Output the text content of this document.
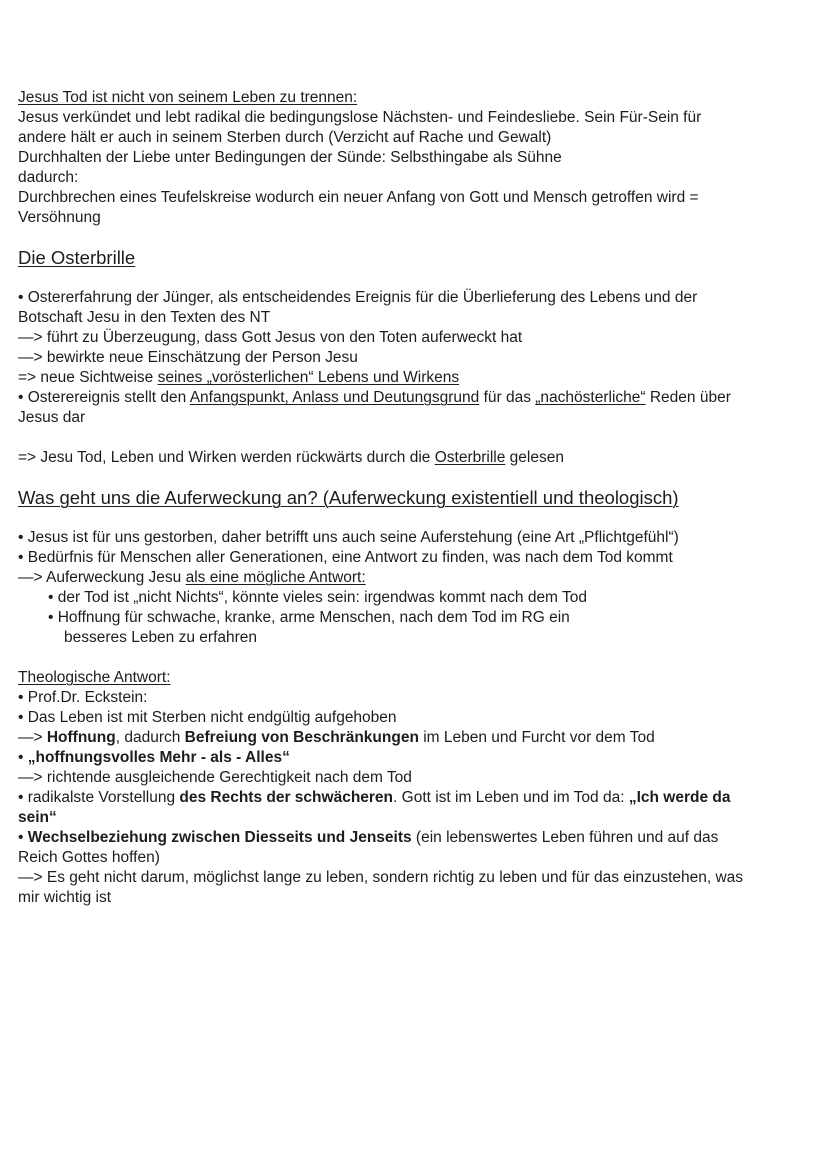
Jesus Tod ist nicht von seinem Leben zu trennen:
Jesus verkündet und lebt radikal die bedingungslose Nächsten- und Feindesliebe. Sein Für-Sein für
andere hält er auch in seinem Sterben durch (Verzicht auf Rache und Gewalt)
Durchhalten der Liebe unter Bedingungen der Sünde: Selbsthingabe als Sühne
dadurch:
Durchbrechen eines Teufelskreise wodurch ein neuer Anfang von Gott und Mensch getroffen wird =
Versöhnung
Die Osterbrille
• Ostererfahrung der Jünger, als entscheidendes Ereignis für die Überlieferung des Lebens und der
Botschaft Jesu in den Texten des NT
—> führt zu Überzeugung, dass Gott Jesus von den Toten auferweckt hat
—> bewirkte neue Einschätzung der Person Jesu
=> neue Sichtweise seines „vorösterlichen“ Lebens und Wirkens
• Osterereignis stellt den Anfangspunkt, Anlass und Deutungsgrund für das „nachösterliche“ Reden über
Jesus dar
=> Jesu Tod, Leben und Wirken werden rückwärts durch die Osterbrille gelesen
Was geht uns die Auferweckung an? (Auferweckung existentiell und theologisch)
• Jesus ist für uns gestorben, daher betrifft uns auch seine Auferstehung (eine Art „Pflichtgefühl“)
• Bedürfnis für Menschen aller Generationen, eine Antwort zu finden, was nach dem Tod kommt
—> Auferweckung Jesu als eine mögliche Antwort:
• der Tod ist „nicht Nichts“, könnte vieles sein: irgendwas kommt nach dem Tod
• Hoffnung für schwache, kranke, arme Menschen, nach dem Tod im RG ein
besseres Leben zu erfahren
Theologische Antwort:
• Prof.Dr. Eckstein:
• Das Leben ist mit Sterben nicht endgültig aufgehoben
—> Hoffnung, dadurch Befreiung von Beschränkungen im Leben und Furcht vor dem Tod
• „hoffnungsvolles Mehr - als - Alles“
—> richtende ausgleichende Gerechtigkeit nach dem Tod
• radikalste Vorstellung des Rechts der schwächeren. Gott ist im Leben und im Tod da: „Ich werde da
sein“
• Wechselbeziehung zwischen Diesseits und Jenseits (ein lebenswertes Leben führen und auf das
Reich Gottes hoffen)
—> Es geht nicht darum, möglichst lange zu leben, sondern richtig zu leben und für das einzustehen, was
mir wichtig ist
